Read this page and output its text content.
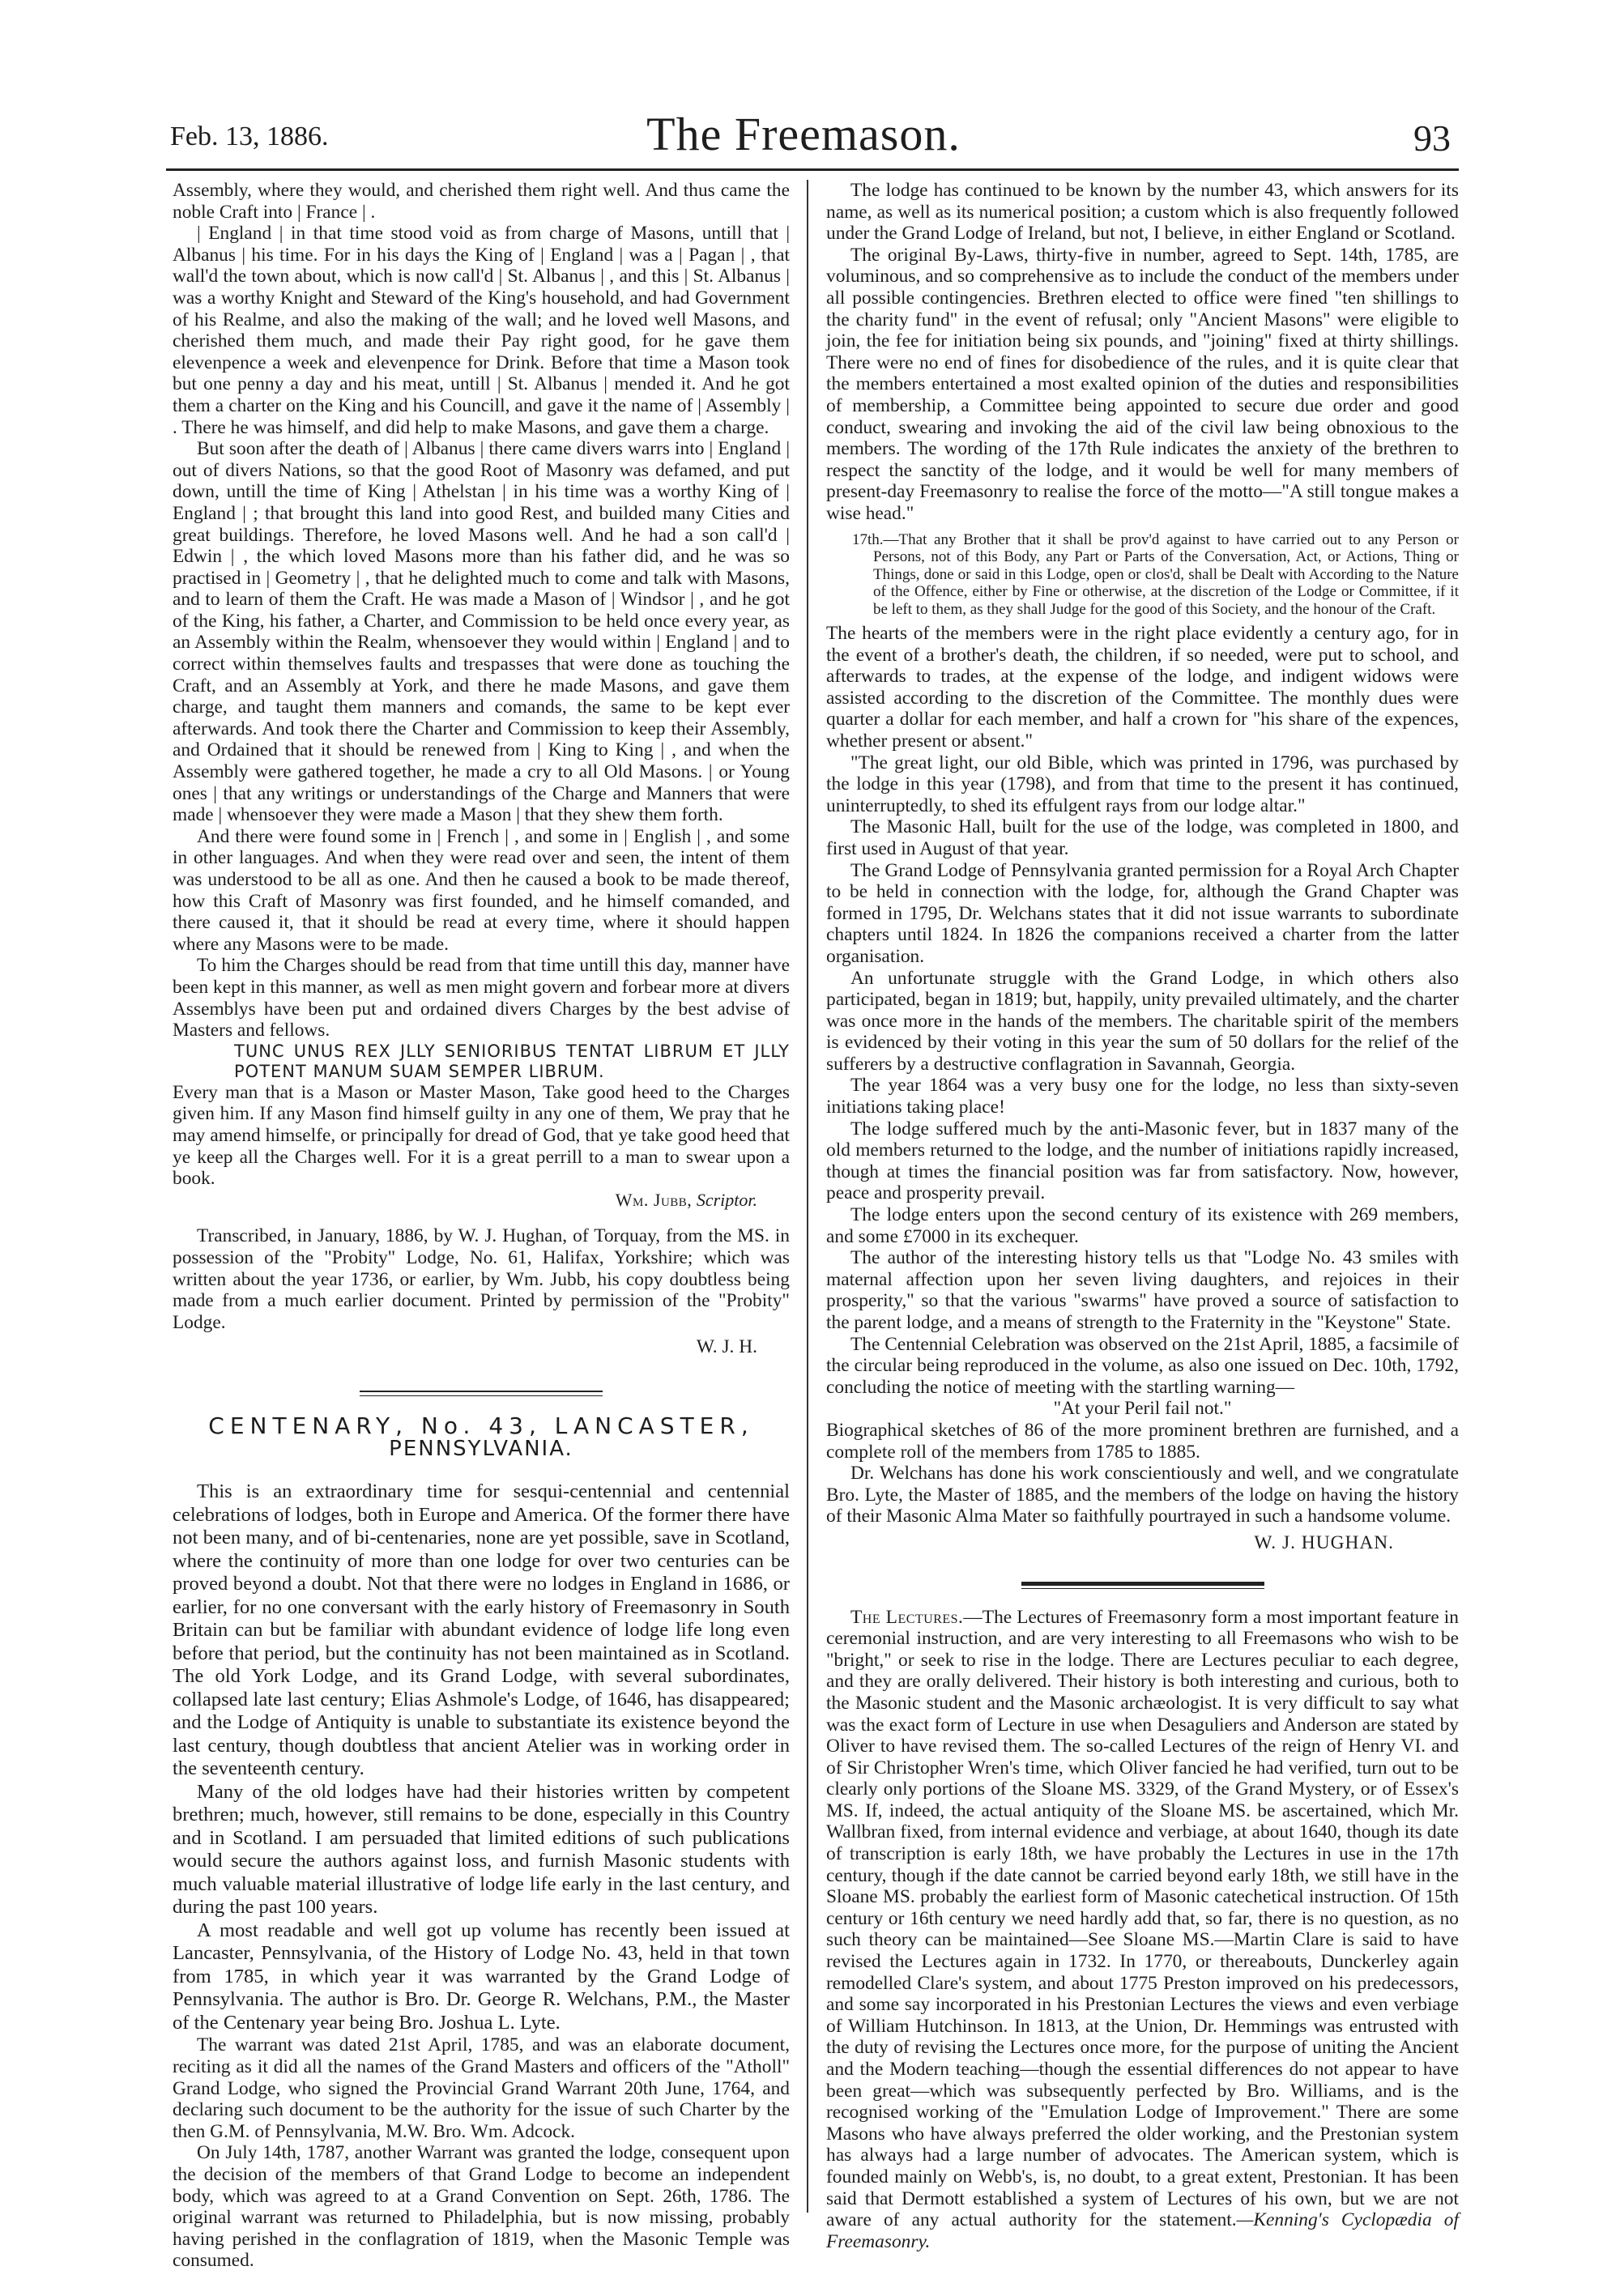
Feb. 13, 1886.	The Freemason.	93

Assembly, where they would, and cherished them right well. And thus came the noble Craft into | France | .

| England | in that time stood void as from charge of Masons, untill that | Albanus | his time. For in his days the King of | England | was a | Pagan | , that wall'd the town about, which is now call'd | St. Albanus | , and this | St. Albanus | was a worthy Knight and Steward of the King's household, and had Government of his Realme, and also the making of the wall; and he loved well Masons, and cherished them much, and made their Pay right good, for he gave them elevenpence a week and elevenpence for Drink. Before that time a Mason took but one penny a day and his meat, untill | St. Albanus | mended it. And he got them a charter on the King and his Councill, and gave it the name of | Assembly | . There he was himself, and did help to make Masons, and gave them a charge.

But soon after the death of | Albanus | there came divers warrs into | England | out of divers Nations, so that the good Root of Masonry was defamed, and put down, untill the time of King | Athelstan | in his time was a worthy King of | England | ; that brought this land into good Rest, and builded many Cities and great buildings. Therefore, he loved Masons well. And he had a son call'd | Edwin | , the which loved Masons more than his father did, and he was so practised in | Geometry | , that he delighted much to come and talk with Masons, and to learn of them the Craft. He was made a Mason of | Windsor | , and he got of the King, his father, a Charter, and Commission to be held once every year, as an Assembly within the Realm, whensoever they would within | England | and to correct within themselves faults and trespasses that were done as touching the Craft, and an Assembly at York, and there he made Masons, and gave them charge, and taught them manners and comands, the same to be kept ever afterwards. And took there the Charter and Commission to keep their Assembly, and Ordained that it should be renewed from | King to King | , and when the Assembly were gathered together, he made a cry to all Old Masons. | or Young ones | that any writings or understandings of the Charge and Manners that were made | whensoever they were made a Mason | that they shew them forth.

And there were found some in | French | , and some in | English | , and some in other languages. And when they were read over and seen, the intent of them was understood to be all as one. And then he caused a book to be made thereof, how this Craft of Masonry was first founded, and he himself comanded, and there caused it, that it should be read at every time, where it should happen where any Masons were to be made.

To him the Charges should be read from that time untill this day, manner have been kept in this manner, as well as men might govern and forbear more at divers Assemblys have been put and ordained divers Charges by the best advise of Masters and fellows.

TUNC UNUS REX JLLY SENIORIBUS TENTAT LIBRUM ET JLLY POTENT MANUM SUAM SEMPER LIBRUM.

Every man that is a Mason or Master Mason, Take good heed to the Charges given him. If any Mason find himself guilty in any one of them, We pray that he may amend himselfe, or principally for dread of God, that ye take good heed that ye keep all the Charges well. For it is a great perrill to a man to swear upon a book.

Wm. Jubb, Scriptor.

Transcribed, in January, 1886, by W. J. Hughan, of Torquay, from the MS. in possession of the "Probity" Lodge, No. 61, Halifax, Yorkshire; which was written about the year 1736, or earlier, by Wm. Jubb, his copy doubtless being made from a much earlier document. Printed by permission of the "Probity" Lodge.

W. J. H.

CENTENARY, No. 43, LANCASTER,
PENNSYLVANIA.

This is an extraordinary time for sesqui-centennial and centennial celebrations of lodges, both in Europe and America. Of the former there have not been many, and of bi-centenaries, none are yet possible, save in Scotland, where the continuity of more than one lodge for over two centuries can be proved beyond a doubt. Not that there were no lodges in England in 1686, or earlier, for no one conversant with the early history of Freemasonry in South Britain can but be familiar with abundant evidence of lodge life long even before that period, but the continuity has not been maintained as in Scotland. The old York Lodge, and its Grand Lodge, with several subordinates, collapsed late last century; Elias Ashmole's Lodge, of 1646, has disappeared; and the Lodge of Antiquity is unable to substantiate its existence beyond the last century, though doubtless that ancient Atelier was in working order in the seventeenth century.

Many of the old lodges have had their histories written by competent brethren; much, however, still remains to be done, especially in this Country and in Scotland. I am persuaded that limited editions of such publications would secure the authors against loss, and furnish Masonic students with much valuable material illustrative of lodge life early in the last century, and during the past 100 years.

A most readable and well got up volume has recently been issued at Lancaster, Pennsylvania, of the History of Lodge No. 43, held in that town from 1785, in which year it was warranted by the Grand Lodge of Pennsylvania. The author is Bro. Dr. George R. Welchans, P.M., the Master of the Centenary year being Bro. Joshua L. Lyte.

The warrant was dated 21st April, 1785, and was an elaborate document, reciting as it did all the names of the Grand Masters and officers of the "Atholl" Grand Lodge, who signed the Provincial Grand Warrant 20th June, 1764, and declaring such document to be the authority for the issue of such Charter by the then G.M. of Pennsylvania, M.W. Bro. Wm. Adcock.

On July 14th, 1787, another Warrant was granted the lodge, consequent upon the decision of the members of that Grand Lodge to become an independent body, which was agreed to at a Grand Convention on Sept. 26th, 1786. The original warrant was returned to Philadelphia, but is now missing, probably having perished in the conflagration of 1819, when the Masonic Temple was consumed.

The lodge has continued to be known by the number 43, which answers for its name, as well as its numerical position; a custom which is also frequently followed under the Grand Lodge of Ireland, but not, I believe, in either England or Scotland.

The original By-Laws, thirty-five in number, agreed to Sept. 14th, 1785, are voluminous, and so comprehensive as to include the conduct of the members under all possible contingencies. Brethren elected to office were fined "ten shillings to the charity fund" in the event of refusal; only "Ancient Masons" were eligible to join, the fee for initiation being six pounds, and "joining" fixed at thirty shillings. There were no end of fines for disobedience of the rules, and it is quite clear that the members entertained a most exalted opinion of the duties and responsibilities of membership, a Committee being appointed to secure due order and good conduct, swearing and invoking the aid of the civil law being obnoxious to the members. The wording of the 17th Rule indicates the anxiety of the brethren to respect the sanctity of the lodge, and it would be well for many members of present-day Freemasonry to realise the force of the motto—"A still tongue makes a wise head."

17th.—That any Brother that it shall be prov'd against to have carried out to any Person or Persons, not of this Body, any Part or Parts of the Conversation, Act, or Actions, Thing or Things, done or said in this Lodge, open or clos'd, shall be Dealt with According to the Nature of the Offence, either by Fine or otherwise, at the discretion of the Lodge or Committee, if it be left to them, as they shall Judge for the good of this Society, and the honour of the Craft.

The hearts of the members were in the right place evidently a century ago, for in the event of a brother's death, the children, if so needed, were put to school, and afterwards to trades, at the expense of the lodge, and indigent widows were assisted according to the discretion of the Committee. The monthly dues were quarter a dollar for each member, and half a crown for "his share of the expences, whether present or absent."

"The great light, our old Bible, which was printed in 1796, was purchased by the lodge in this year (1798), and from that time to the present it has continued, uninterruptedly, to shed its effulgent rays from our lodge altar."

The Masonic Hall, built for the use of the lodge, was completed in 1800, and first used in August of that year.

The Grand Lodge of Pennsylvania granted permission for a Royal Arch Chapter to be held in connection with the lodge, for, although the Grand Chapter was formed in 1795, Dr. Welchans states that it did not issue warrants to subordinate chapters until 1824. In 1826 the companions received a charter from the latter organisation.

An unfortunate struggle with the Grand Lodge, in which others also participated, began in 1819; but, happily, unity prevailed ultimately, and the charter was once more in the hands of the members. The charitable spirit of the members is evidenced by their voting in this year the sum of 50 dollars for the relief of the sufferers by a destructive conflagration in Savannah, Georgia.

The year 1864 was a very busy one for the lodge, no less than sixty-seven initiations taking place!

The lodge suffered much by the anti-Masonic fever, but in 1837 many of the old members returned to the lodge, and the number of initiations rapidly increased, though at times the financial position was far from satisfactory. Now, however, peace and prosperity prevail.

The lodge enters upon the second century of its existence with 269 members, and some £7000 in its exchequer.

The author of the interesting history tells us that "Lodge No. 43 smiles with maternal affection upon her seven living daughters, and rejoices in their prosperity," so that the various "swarms" have proved a source of satisfaction to the parent lodge, and a means of strength to the Fraternity in the "Keystone" State.

The Centennial Celebration was observed on the 21st April, 1885, a facsimile of the circular being reproduced in the volume, as also one issued on Dec. 10th, 1792, concluding the notice of meeting with the startling warning—

"At your Peril fail not."

Biographical sketches of 86 of the more prominent brethren are furnished, and a complete roll of the members from 1785 to 1885.

Dr. Welchans has done his work conscientiously and well, and we congratulate Bro. Lyte, the Master of 1885, and the members of the lodge on having the history of their Masonic Alma Mater so faithfully pourtrayed in such a handsome volume.

W. J. HUGHAN.

The Lectures.—The Lectures of Freemasonry form a most important feature in ceremonial instruction, and are very interesting to all Freemasons who wish to be "bright," or seek to rise in the lodge. There are Lectures peculiar to each degree, and they are orally delivered. Their history is both interesting and curious, both to the Masonic student and the Masonic archæologist. It is very difficult to say what was the exact form of Lecture in use when Desaguliers and Anderson are stated by Oliver to have revised them. The so-called Lectures of the reign of Henry VI. and of Sir Christopher Wren's time, which Oliver fancied he had verified, turn out to be clearly only portions of the Sloane MS. 3329, of the Grand Mystery, or of Essex's MS. If, indeed, the actual antiquity of the Sloane MS. be ascertained, which Mr. Wallbran fixed, from internal evidence and verbiage, at about 1640, though its date of transcription is early 18th, we have probably the Lectures in use in the 17th century, though if the date cannot be carried beyond early 18th, we still have in the Sloane MS. probably the earliest form of Masonic catechetical instruction. Of 15th century or 16th century we need hardly add that, so far, there is no question, as no such theory can be maintained—See Sloane MS.—Martin Clare is said to have revised the Lectures again in 1732. In 1770, or thereabouts, Dunckerley again remodelled Clare's system, and about 1775 Preston improved on his predecessors, and some say incorporated in his Prestonian Lectures the views and even verbiage of William Hutchinson. In 1813, at the Union, Dr. Hemmings was entrusted with the duty of revising the Lectures once more, for the purpose of uniting the Ancient and the Modern teaching—though the essential differences do not appear to have been great—which was subsequently perfected by Bro. Williams, and is the recognised working of the "Emulation Lodge of Improvement." There are some Masons who have always preferred the older working, and the Prestonian system has always had a large number of advocates. The American system, which is founded mainly on Webb's, is, no doubt, to a great extent, Prestonian. It has been said that Dermott established a system of Lectures of his own, but we are not aware of any actual authority for the statement.—Kenning's Cyclopædia of Freemasonry.
